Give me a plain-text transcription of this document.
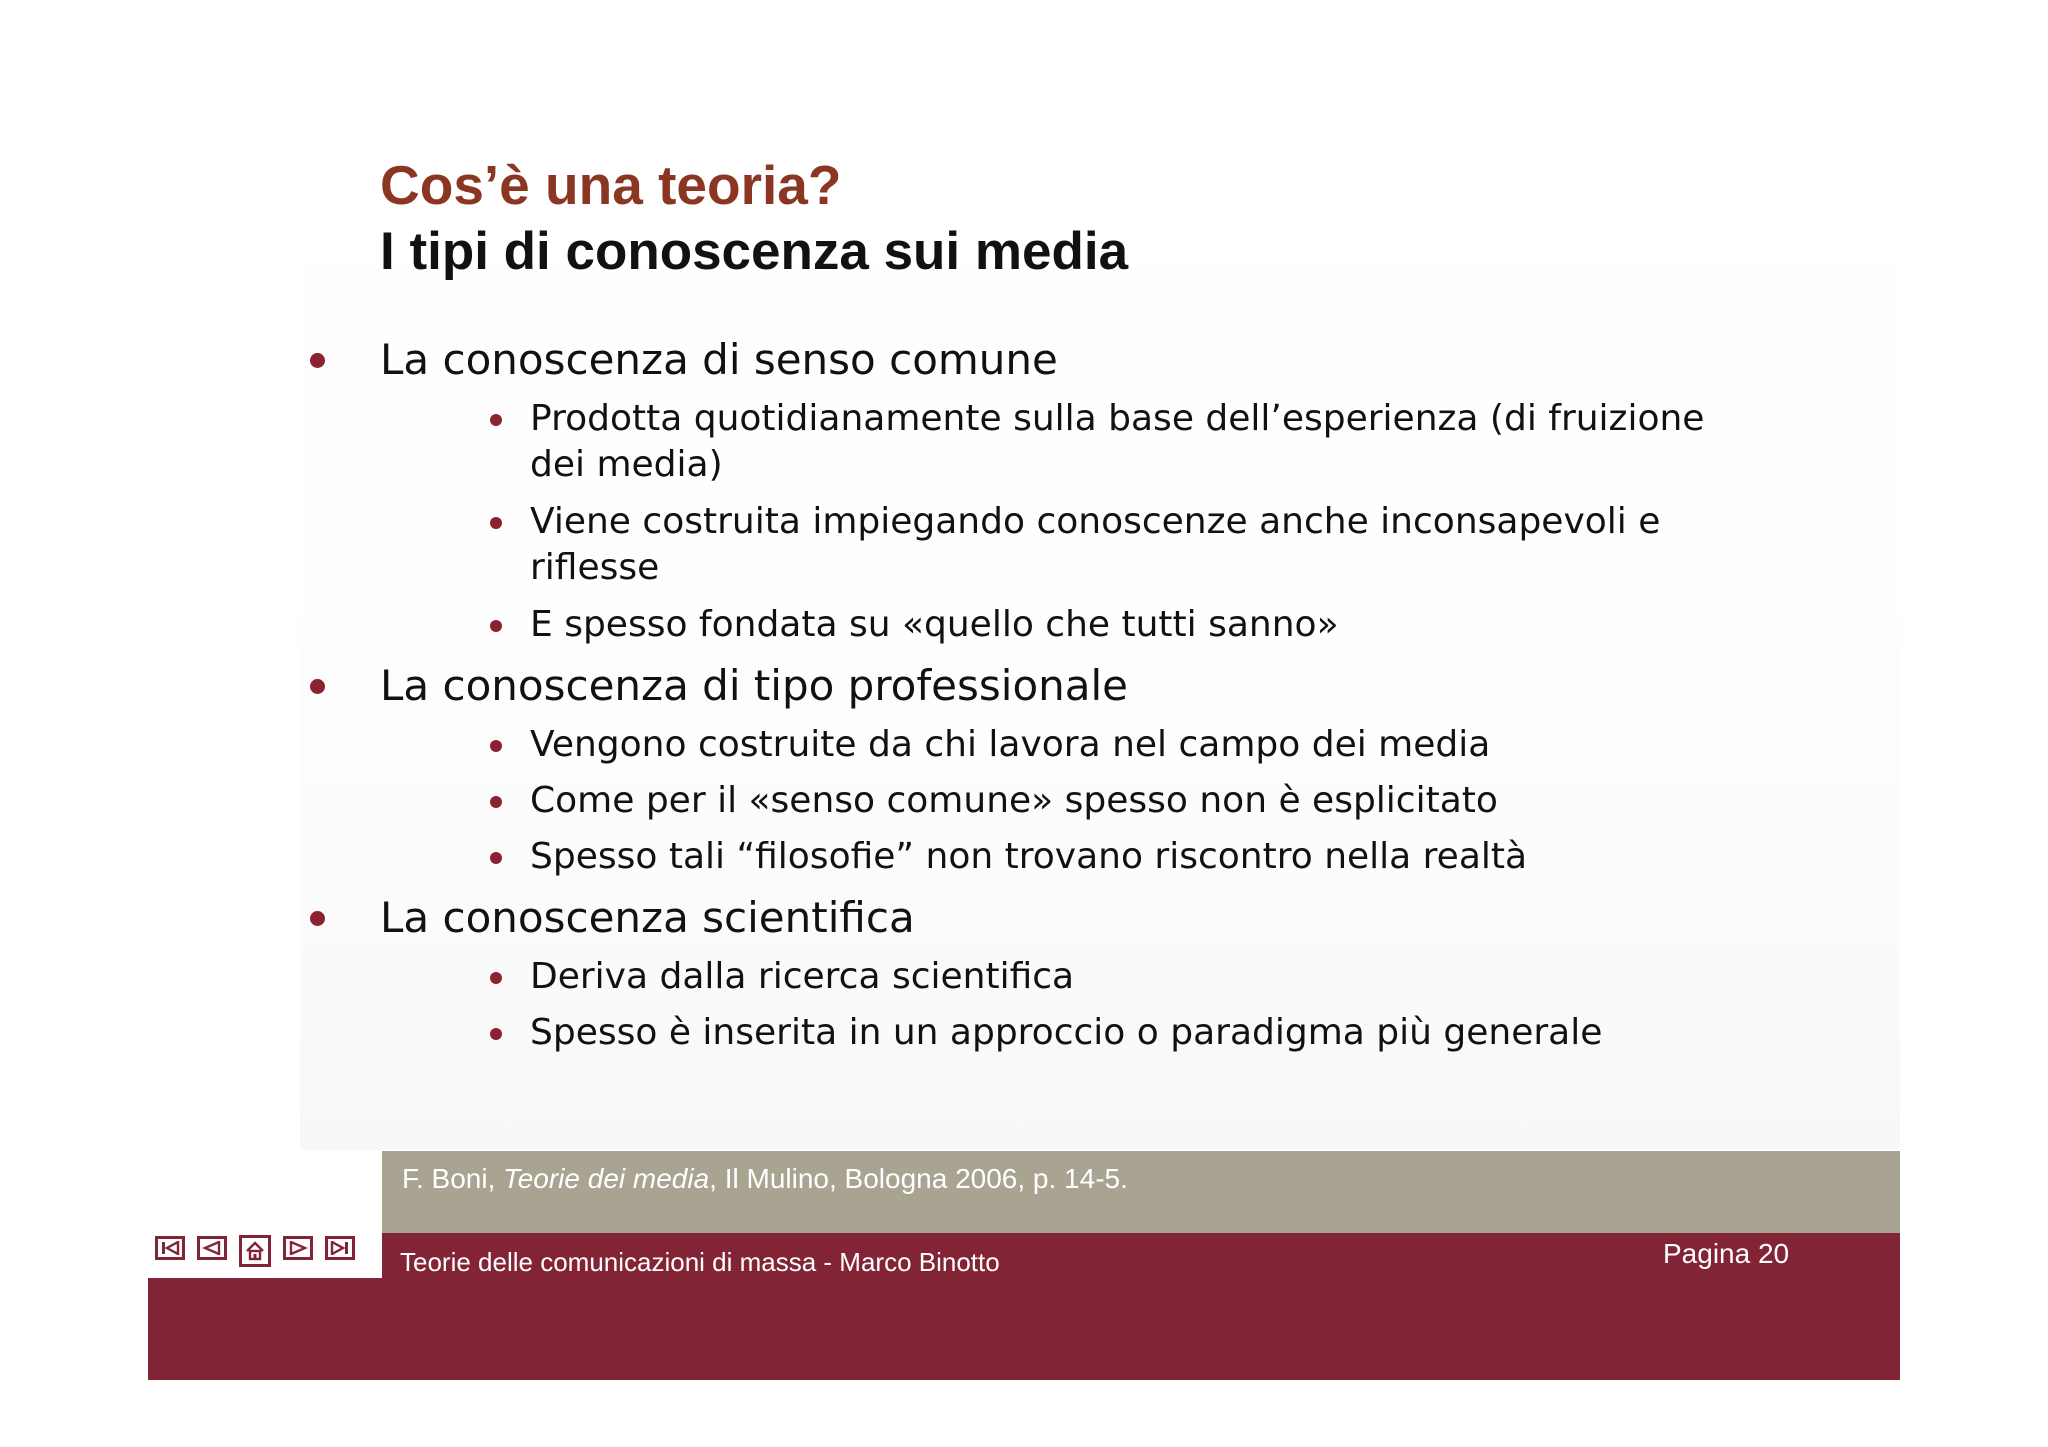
Cos’è una teoria?
I tipi di conoscenza sui media
La conoscenza di senso comune
Prodotta quotidianamente sulla base dell’esperienza (di fruizione
dei media)
Viene costruita impiegando conoscenze anche inconsapevoli e
riflesse
E spesso fondata su «quello che tutti sanno»
La conoscenza di tipo professionale
Vengono costruite da chi lavora nel campo dei media
Come per il «senso comune» spesso non è esplicitato
Spesso tali “filosofie” non trovano riscontro nella realtà
La conoscenza scientifica
Deriva dalla ricerca scientifica
Spesso è inserita in un approccio o paradigma più generale
F. Boni, Teorie dei media, Il Mulino, Bologna 2006, p. 14-5.
Teorie delle comunicazioni di massa - Marco Binotto	Pagina 20
